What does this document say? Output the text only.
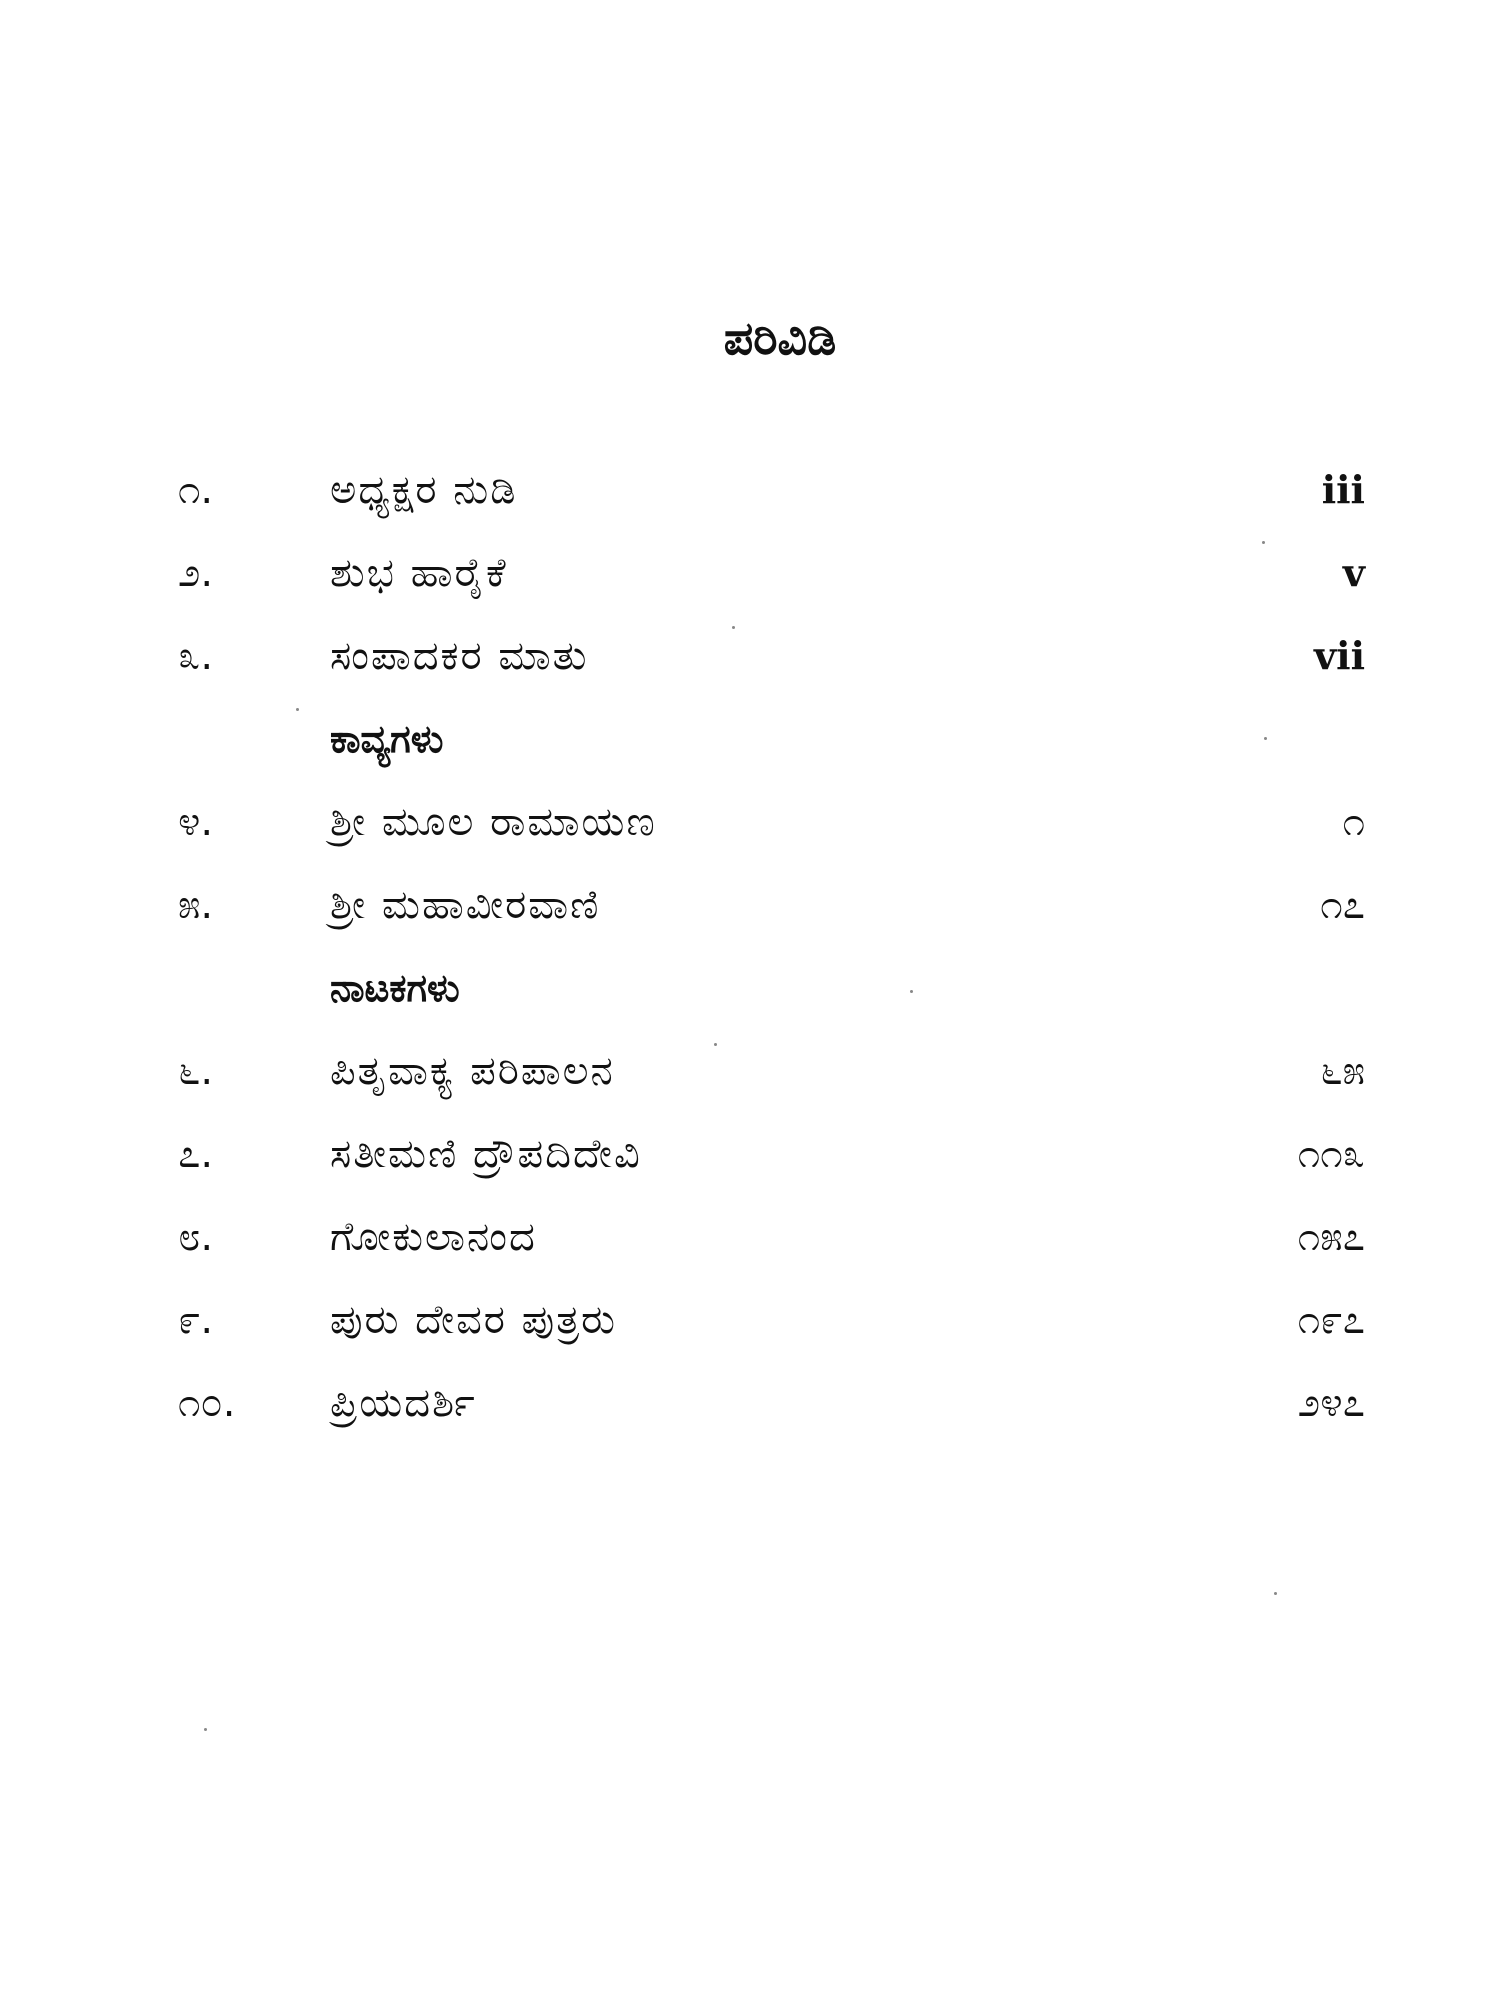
ಪರಿವಿಡಿ
೧.	ಅಧ್ಯಕ್ಷರ ನುಡಿ	iii
೨.	ಶುಭ ಹಾರೈಕೆ	v
೩.	ಸಂಪಾದಕರ ಮಾತು	vii
ಕಾವ್ಯಗಳು
೪.	ಶ್ರೀ ಮೂಲ ರಾಮಾಯಣ	೧
೫.	ಶ್ರೀ ಮಹಾವೀರವಾಣಿ	೧೭
ನಾಟಕಗಳು
೬.	ಪಿತೃವಾಕ್ಯ ಪರಿಪಾಲನ	೬೫
೭.	ಸತೀಮಣಿ ದ್ರೌಪದಿದೇವಿ	೧೧೩
೮.	ಗೋಕುಲಾನಂದ	೧೫೭
೯.	ಪುರು ದೇವರ ಪುತ್ರರು	೧೯೭
೧೦. ಪ್ರಿಯದರ್ಶಿ	೨೪೭
